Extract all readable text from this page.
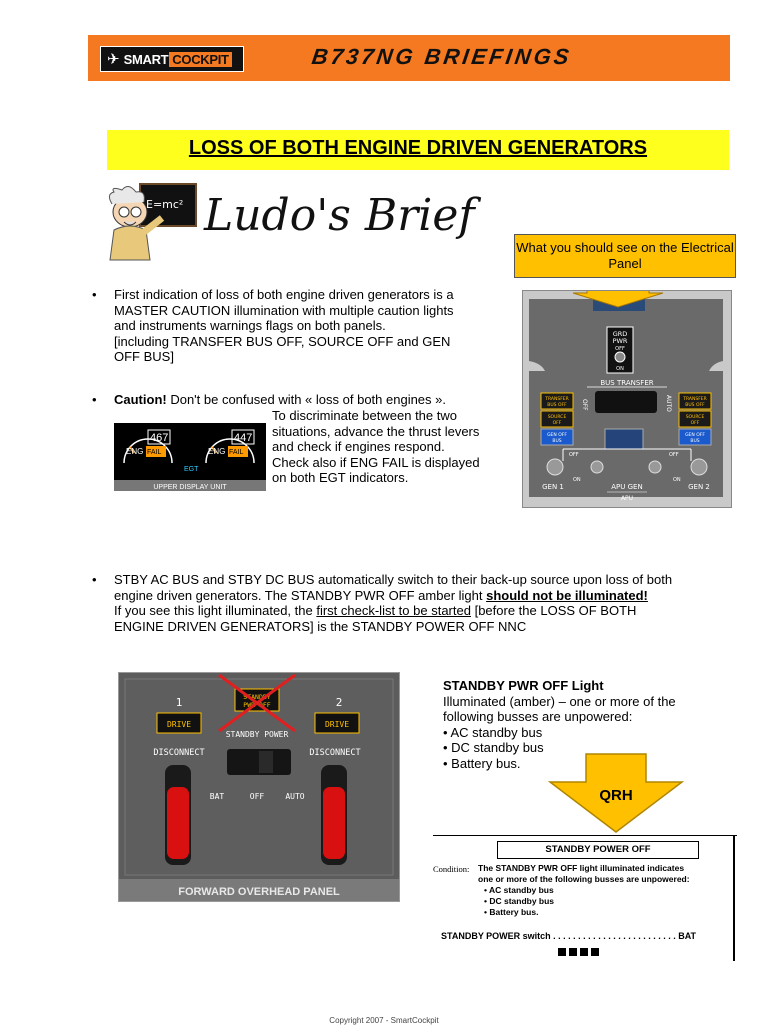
✈ SMART COCKPIT	B737NG BRIEFINGS
LOSS OF BOTH ENGINE DRIVEN GENERATORS
E=mc² Ludo's Brief
What you should see on the Electrical Panel
• First indication of loss of both engine driven generators is a
MASTER CAUTION illumination with multiple caution lights
and instruments warnings flags on both panels.
[including TRANSFER BUS OFF, SOURCE OFF and GEN
OFF BUS]
• Caution! Don't be confused with « loss of both engines ».
To discriminate between the two
situations, advance the thrust levers
and check if engines respond.
Check also if ENG FAIL is displayed
on both EGT indicators.
467	447
ENG FAIL	ENG FAIL
EGT
UPPER DISPLAY UNIT
GRD
PWR
OFF
ON
BUS TRANSFER
OFF	AUTO
TRANSFER
BUS OFF
TRANSFER
BUS OFF
SOURCE
OFF
SOURCE
OFF
GEN OFF
BUS
GEN OFF
BUS
OFF	OFF
ON	ON
GEN 1	APU GEN	GEN 2
APU
• STBY AC BUS and STBY DC BUS automatically switch to their back-up source upon loss of both
engine driven generators. The STANDBY PWR OFF amber light should not be illuminated!
If you see this light illuminated, the first check-list to be started [before the LOSS OF BOTH
ENGINE DRIVEN GENERATORS] is the STANDBY POWER OFF NNC
1	2
DRIVE	DRIVE
STANDBY
PWR OFF
STANDBY POWER
DISCONNECT	DISCONNECT
BAT	OFF	AUTO
FORWARD OVERHEAD PANEL
STANDBY PWR OFF Light
Illuminated (amber) – one or more of the
following busses are unpowered:
• AC standby bus
• DC standby bus
• Battery bus.
QRH
STANDBY POWER OFF
Condition: The STANDBY PWR OFF light illuminated indicates
one or more of the following busses are unpowered:
• AC standby bus
• DC standby bus
• Battery bus.
STANDBY POWER switch . . . . . . . . . . . . . . . . . . . . . . . . . BAT
Copyright 2007 - SmartCockpit
